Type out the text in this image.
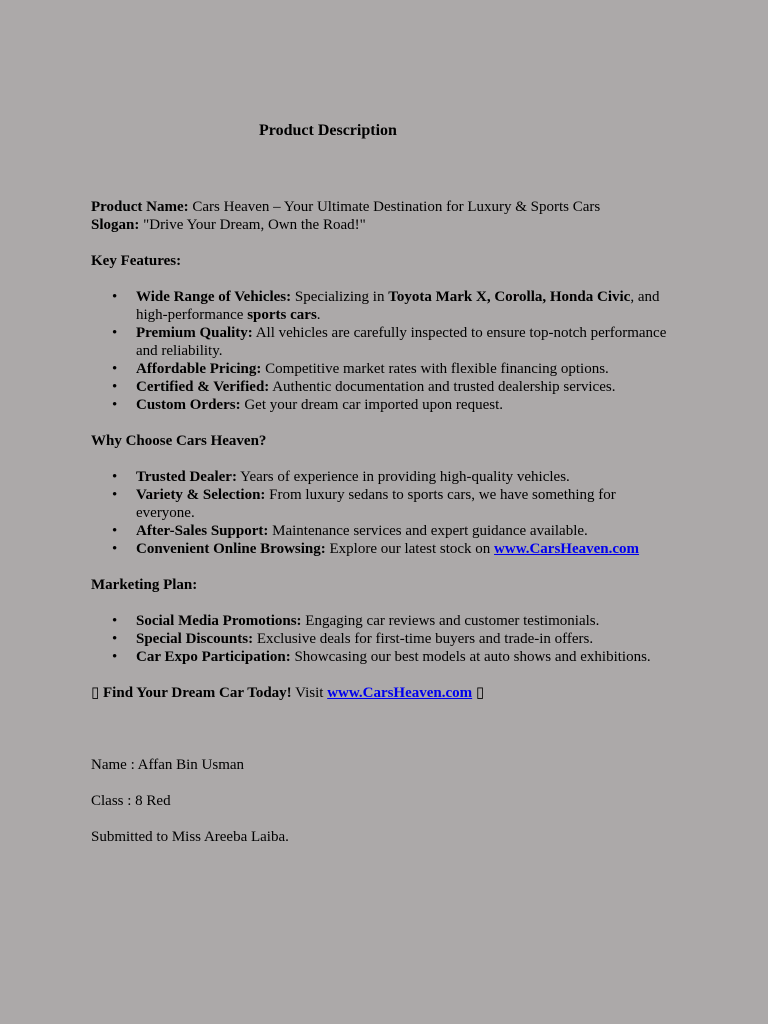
Product Description

Product Name: Cars Heaven – Your Ultimate Destination for Luxury & Sports Cars

Slogan: "Drive Your Dream, Own the Road!"

Key Features:

• Wide Range of Vehicles: Specializing in Toyota Mark X, Corolla, Honda Civic, and high-performance sports cars.
• Premium Quality: All vehicles are carefully inspected to ensure top-notch performance and reliability.
• Affordable Pricing: Competitive market rates with flexible financing options.
• Certified & Verified: Authentic documentation and trusted dealership services.
• Custom Orders: Get your dream car imported upon request.

Why Choose Cars Heaven?

• Trusted Dealer: Years of experience in providing high-quality vehicles.
• Variety & Selection: From luxury sedans to sports cars, we have something for everyone.
• After-Sales Support: Maintenance services and expert guidance available.
• Convenient Online Browsing: Explore our latest stock on www.CarsHeaven.com

Marketing Plan:

• Social Media Promotions: Engaging car reviews and customer testimonials.
• Special Discounts: Exclusive deals for first-time buyers and trade-in offers.
• Car Expo Participation: Showcasing our best models at auto shows and exhibitions.

▯ Find Your Dream Car Today! Visit www.CarsHeaven.com ▯

Name : Affan Bin Usman

Class : 8 Red

Submitted to Miss Areeba Laiba.
